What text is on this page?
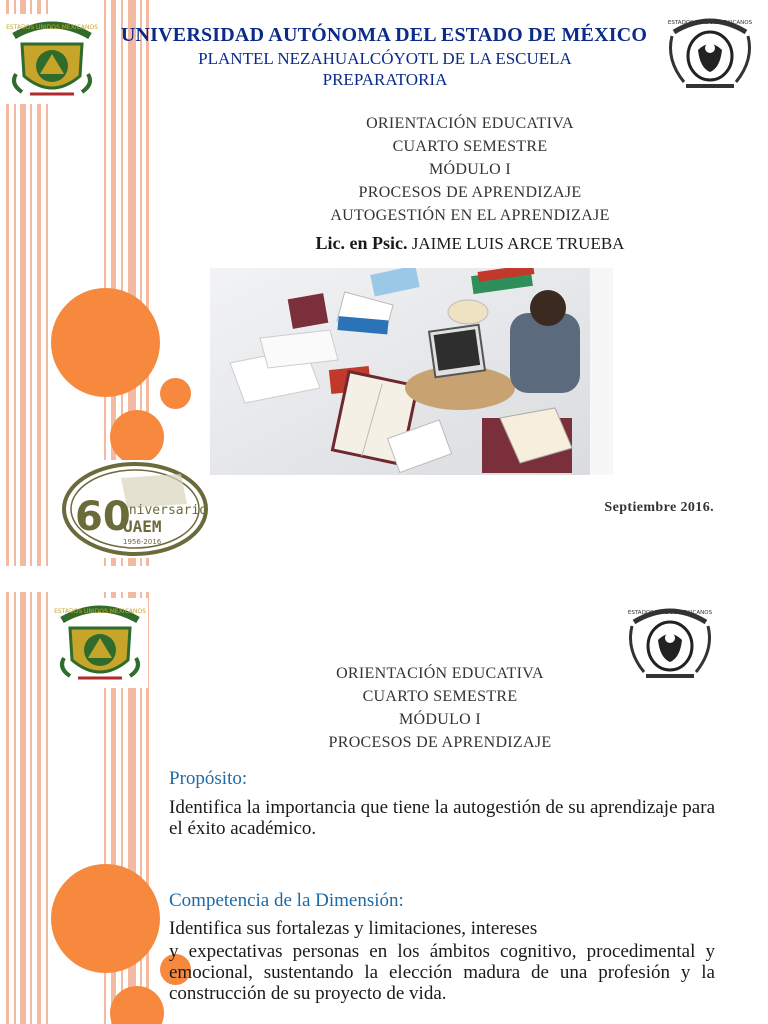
ESTADOS UNIDOS MEXICANOS
ESTADOS UNIDOS MEXICANOS
UNIVERSIDAD AUTÓNOMA DEL ESTADO DE MÉXICO
PLANTEL NEZAHUALCÓYOTL DE LA ESCUELA PREPARATORIA
ORIENTACIÓN EDUCATIVA
CUARTO SEMESTRE
MÓDULO I
PROCESOS DE APRENDIZAJE
AUTOGESTIÓN EN EL APRENDIZAJE
Lic. en Psic. JAIME LUIS ARCE TRUEBA
60
aniversario
UAEM
1956-2016
Septiembre 2016.
ESTADOS UNIDOS MEXICANOS	ESTADOS UNIDOS MEXICANOS
ORIENTACIÓN EDUCATIVA
CUARTO SEMESTRE
MÓDULO I
PROCESOS DE APRENDIZAJE
Propósito:
Identifica la importancia que tiene la autogestión de su aprendizaje para el éxito académico.
Competencia de la Dimensión:
Identifica sus fortalezas y limitaciones, intereses
y expectativas personas en los ámbitos cognitivo, procedimental y emocional, sustentando la elección madura de una profesión y la construcción de su proyecto de vida.
